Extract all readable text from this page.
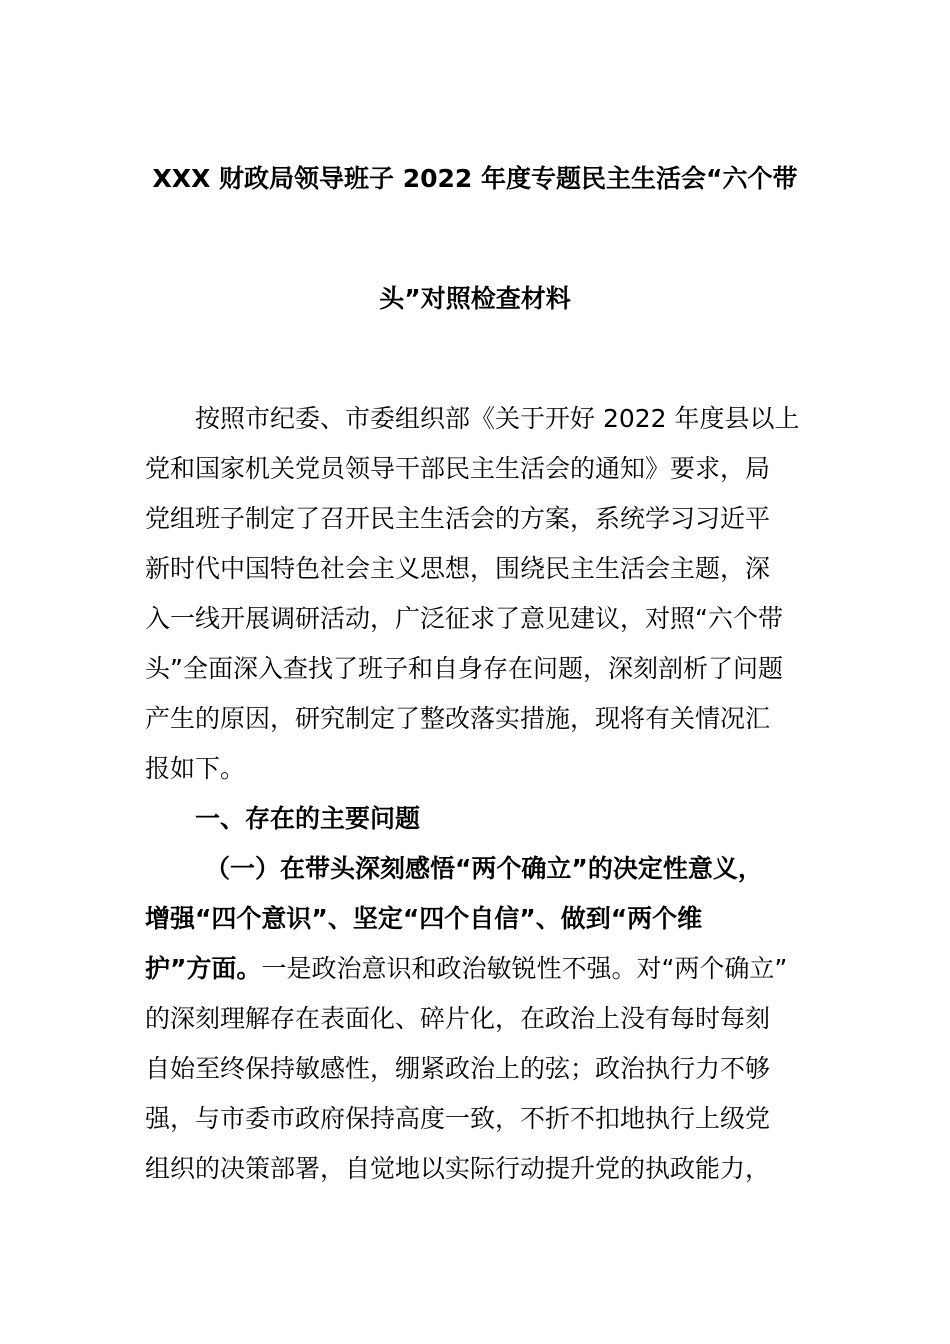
XXX 财政局领导班子 2022 年度专题民主生活会“六个带
头”对照检查材料
按照市纪委、市委组织部《关于开好 2022 年度县以上
党和国家机关党员领导干部民主生活会的通知》要求，局
党组班子制定了召开民主生活会的方案，系统学习习近平
新时代中国特色社会主义思想，围绕民主生活会主题，深
入一线开展调研活动，广泛征求了意见建议，对照“六个带
头”全面深入查找了班子和自身存在问题，深刻剖析了问题
产生的原因，研究制定了整改落实措施，现将有关情况汇
报如下。
一、存在的主要问题
（一）在带头深刻感悟“两个确立”的决定性意义，
增强“四个意识”、坚定“四个自信”、做到“两个维
护”方面。一是政治意识和政治敏锐性不强。对“两个确立”
的深刻理解存在表面化、碎片化，在政治上没有每时每刻
自始至终保持敏感性，绷紧政治上的弦；政治执行力不够
强，与市委市政府保持高度一致，不折不扣地执行上级党
组织的决策部署，自觉地以实际行动提升党的执政能力，
